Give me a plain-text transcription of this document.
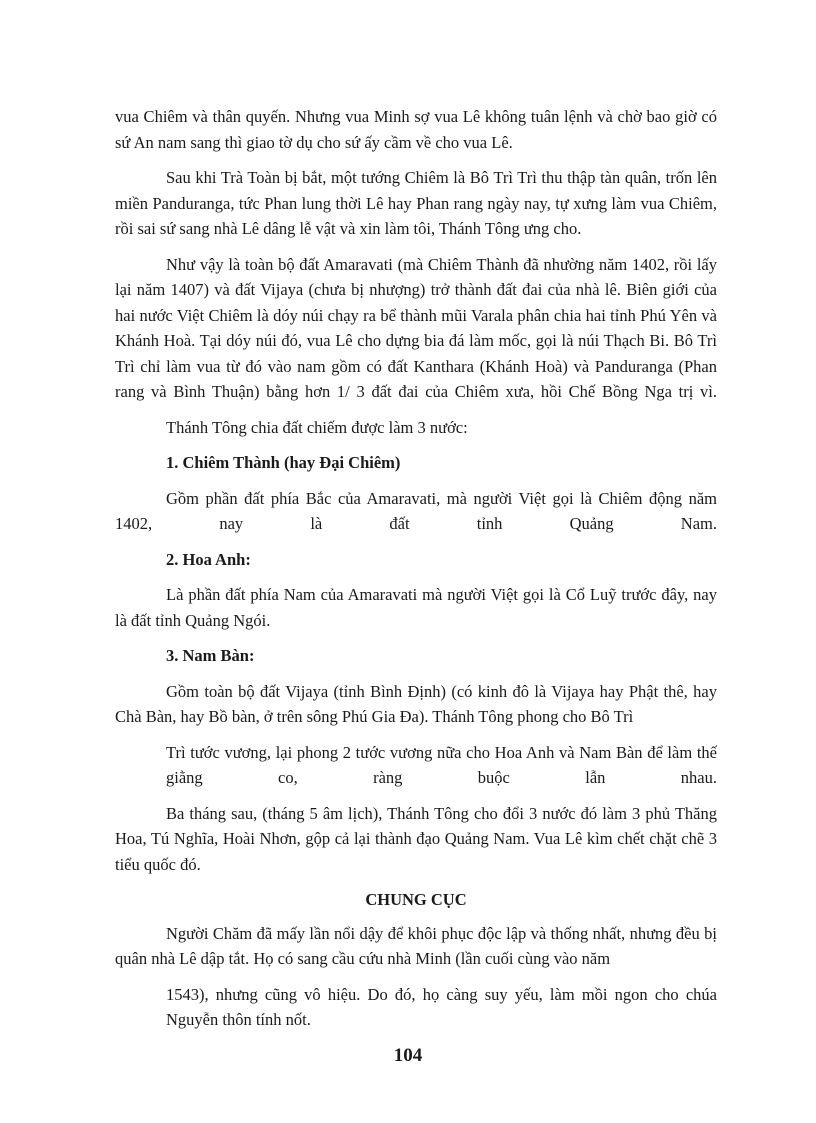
vua Chiêm và thân quyến. Nhưng vua Minh sợ vua Lê không tuân lệnh và chờ bao giờ có sứ An nam sang thì giao tờ dụ cho sứ ấy cầm về cho vua Lê.

Sau khi Trà Toàn bị bắt, một tướng Chiêm là Bô Trì Trì thu thập tàn quân, trốn lên miền Panduranga, tức Phan lung thời Lê hay Phan rang ngày nay, tự xưng làm vua Chiêm, rồi sai sứ sang nhà Lê dâng lễ vật và xin làm tôi, Thánh Tông ưng cho.

Như vậy là toàn bộ đất Amaravati (mà Chiêm Thành đã nhường năm 1402, rồi lấy lại năm 1407) và đất Vijaya (chưa bị nhượng) trở thành đất đai của nhà lê. Biên giới của hai nước Việt Chiêm là dóy núi chạy ra bể thành mũi Varala phân chia hai tỉnh Phú Yên và Khánh Hoà. Tại dóy núi đó, vua Lê cho dựng bia đá làm mốc, gọi là núi Thạch Bi. Bô Trì Trì chỉ làm vua từ đó vào nam gồm có đất Kanthara (Khánh Hoà) và Panduranga (Phan rang và Bình Thuận) bằng hơn 1/ 3 đất đai của Chiêm xưa, hồi Chế Bồng Nga trị vì.

Thánh Tông chia đất chiếm được làm 3 nước:

1. Chiêm Thành (hay Đại Chiêm)

Gồm phần đất phía Bắc của Amaravati, mà người Việt gọi là Chiêm động năm 1402, nay là đất tỉnh Quảng Nam.

2. Hoa Anh:

Là phần đất phía Nam của Amaravati mà người Việt gọi là Cổ Luỹ trước đây, nay là đất tỉnh Quảng Ngói.

3. Nam Bàn:

Gồm toàn bộ đất Vijaya (tỉnh Bình Định) (có kinh đô là Vijaya hay Phật thê, hay Chà Bàn, hay Bồ bàn, ở trên sông Phú Gia Đa). Thánh Tông phong cho Bô Trì

Trì tước vương, lại phong 2 tước vương nữa cho Hoa Anh và Nam Bàn để làm thế giằng co, ràng buộc lẫn nhau.

Ba tháng sau, (tháng 5 âm lịch), Thánh Tông cho đổi 3 nước đó làm 3 phủ Thăng Hoa, Tú Nghĩa, Hoài Nhơn, gộp cả lại thành đạo Quảng Nam. Vua Lê kìm chết chặt chẽ 3 tiểu quốc đó.

CHUNG CỤC

Người Chăm đã mấy lần nổi dậy để khôi phục độc lập và thống nhất, nhưng đều bị quân nhà Lê dập tắt. Họ có sang cầu cứu nhà Minh (lần cuối cùng vào năm

1543), nhưng cũng vô hiệu. Do đó, họ càng suy yếu, làm mồi ngon cho chúa Nguyễn thôn tính nốt.

104
